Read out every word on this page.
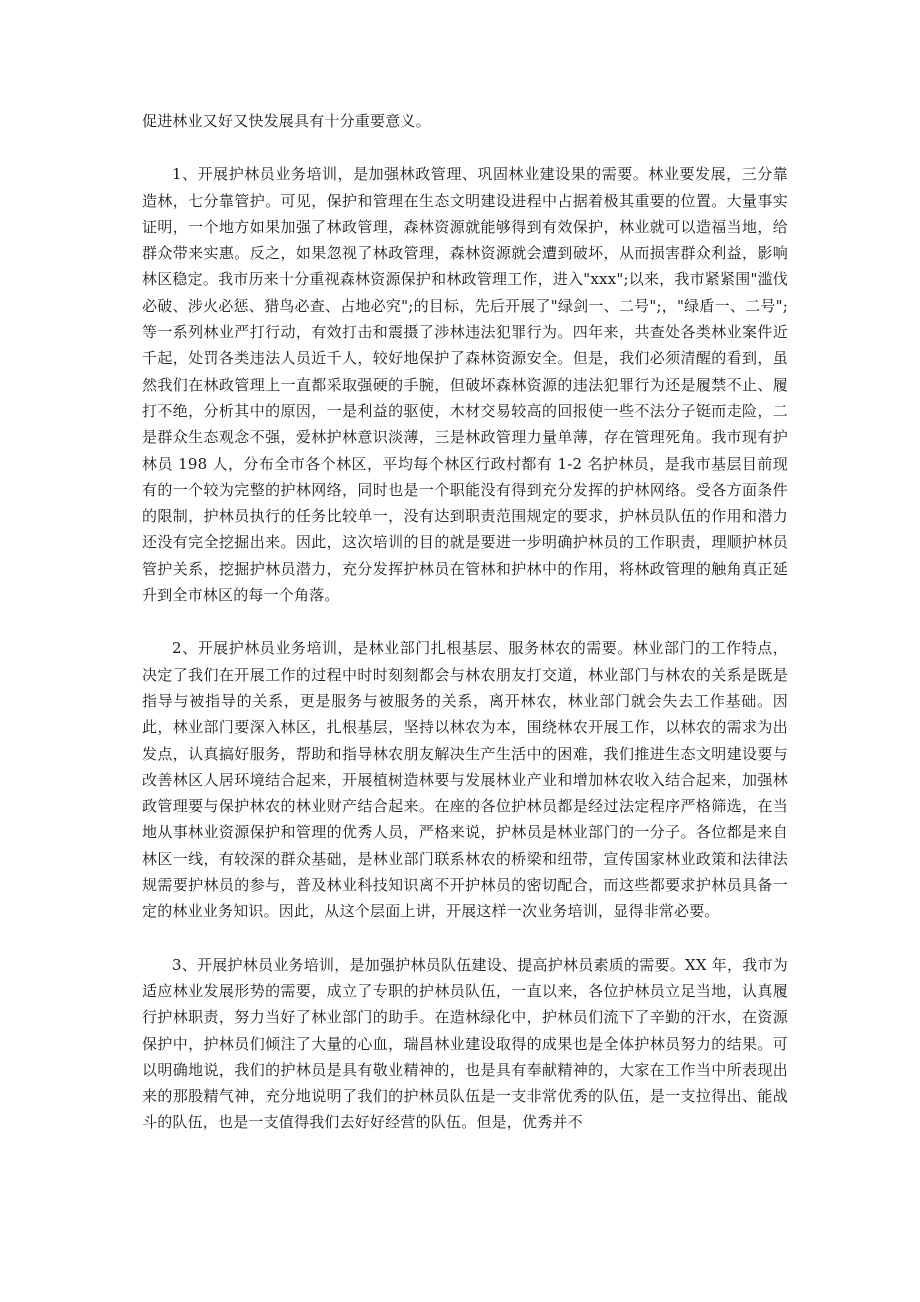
促进林业又好又快发展具有十分重要意义。

1、开展护林员业务培训，是加强林政管理、巩固林业建设果的需要。林业要发展，三分靠造林，七分靠管护。可见，保护和管理在生态文明建设进程中占据着极其重要的位置。大量事实证明，一个地方如果加强了林政管理，森林资源就能够得到有效保护，林业就可以造福当地，给群众带来实惠。反之，如果忽视了林政管理，森林资源就会遭到破坏，从而损害群众利益，影响林区稳定。我市历来十分重视森林资源保护和林政管理工作，进入"xxx";以来，我市紧紧围"滥伐必破、涉火必惩、猎鸟必查、占地必究";的目标，先后开展了"绿剑一、二号";，"绿盾一、二号";等一系列林业严打行动，有效打击和震摄了涉林违法犯罪行为。四年来，共查处各类林业案件近千起，处罚各类违法人员近千人，较好地保护了森林资源安全。但是，我们必须清醒的看到，虽然我们在林政管理上一直都采取强硬的手腕，但破坏森林资源的违法犯罪行为还是履禁不止、履打不绝，分析其中的原因，一是利益的驱使，木材交易较高的回报使一些不法分子铤而走险，二是群众生态观念不强，爱林护林意识淡薄，三是林政管理力量单薄，存在管理死角。我市现有护林员 198 人，分布全市各个林区，平均每个林区行政村都有 1-2 名护林员，是我市基层目前现有的一个较为完整的护林网络，同时也是一个职能没有得到充分发挥的护林网络。受各方面条件的限制，护林员执行的任务比较单一，没有达到职责范围规定的要求，护林员队伍的作用和潜力还没有完全挖掘出来。因此，这次培训的目的就是要进一步明确护林员的工作职责，理顺护林员管护关系，挖掘护林员潜力，充分发挥护林员在管林和护林中的作用，将林政管理的触角真正延升到全市林区的每一个角落。

2、开展护林员业务培训，是林业部门扎根基层、服务林农的需要。林业部门的工作特点，决定了我们在开展工作的过程中时时刻刻都会与林农朋友打交道，林业部门与林农的关系是既是指导与被指导的关系，更是服务与被服务的关系，离开林农，林业部门就会失去工作基础。因此，林业部门要深入林区，扎根基层，坚持以林农为本，围绕林农开展工作，以林农的需求为出发点，认真搞好服务，帮助和指导林农朋友解决生产生活中的困难，我们推进生态文明建设要与改善林区人居环境结合起来，开展植树造林要与发展林业产业和增加林农收入结合起来，加强林政管理要与保护林农的林业财产结合起来。在座的各位护林员都是经过法定程序严格筛选，在当地从事林业资源保护和管理的优秀人员，严格来说，护林员是林业部门的一分子。各位都是来自林区一线，有较深的群众基础，是林业部门联系林农的桥梁和纽带，宣传国家林业政策和法律法规需要护林员的参与，普及林业科技知识离不开护林员的密切配合，而这些都要求护林员具备一定的林业业务知识。因此，从这个层面上讲，开展这样一次业务培训，显得非常必要。

3、开展护林员业务培训，是加强护林员队伍建设、提高护林员素质的需要。XX 年，我市为适应林业发展形势的需要，成立了专职的护林员队伍，一直以来，各位护林员立足当地，认真履行护林职责，努力当好了林业部门的助手。在造林绿化中，护林员们流下了辛勤的汗水，在资源保护中，护林员们倾注了大量的心血，瑞昌林业建设取得的成果也是全体护林员努力的结果。可以明确地说，我们的护林员是具有敬业精神的，也是具有奉献精神的，大家在工作当中所表现出来的那股精气神，充分地说明了我们的护林员队伍是一支非常优秀的队伍，是一支拉得出、能战斗的队伍，也是一支值得我们去好好经营的队伍。但是，优秀并不
